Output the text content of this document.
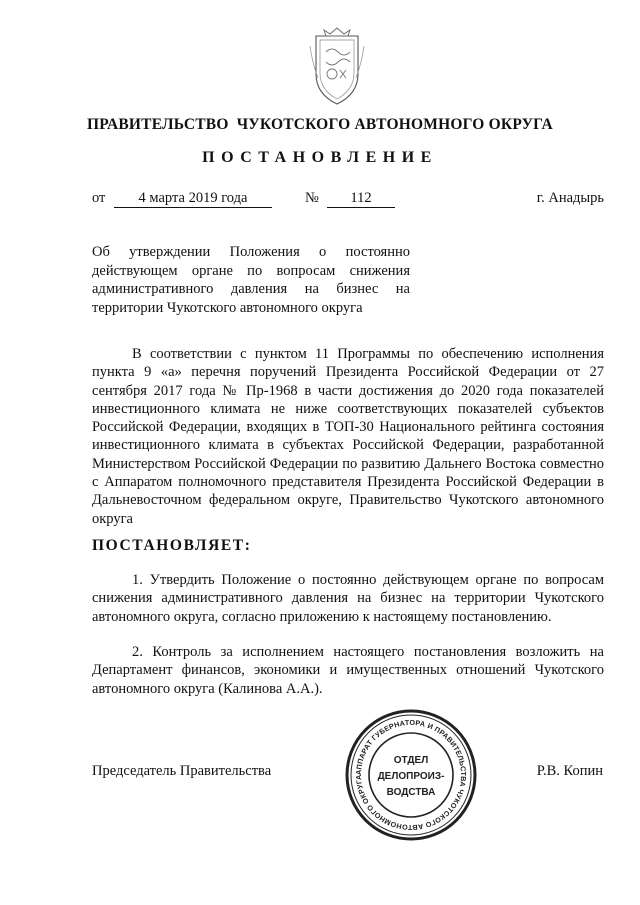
ПРАВИТЕЛЬСТВО  ЧУКОТСКОГО АВТОНОМНОГО ОКРУГА
ПОСТАНОВЛЕНИЕ
от	4 марта 2019 года	№	112	г. Анадырь
Об утверждении Положения о постоянно действующем органе по вопросам снижения административного давления на бизнес на территории Чукотского автономного округа

В соответствии с пунктом 11 Программы по обеспечению исполнения пункта 9 «а» перечня поручений Президента Российской Федерации от 27 сентября 2017 года № Пр-1968 в части достижения до 2020 года показателей инвестиционного климата не ниже соответствующих показателей субъектов Российской Федерации, входящих в ТОП-30 Национального рейтинга состояния инвестиционного климата в субъектах Российской Федерации, разработанной Министерством Российской Федерации по развитию Дальнего Востока совместно с Аппаратом полномочного представителя Президента Российской Федерации в Дальневосточном федеральном округе, Правительство Чукотского автономного округа

ПОСТАНОВЛЯЕТ:

1. Утвердить Положение о постоянно действующем органе по вопросам снижения административного давления на бизнес на территории Чукотского автономного округа, согласно приложению к настоящему постановлению.

2. Контроль за исполнением настоящего постановления возложить на Департамент финансов, экономики и имущественных отношений Чукотского автономного округа (Калинова А.А.).

Председатель Правительства	Р.В. Копин
АППАРАТ ГУБЕРНАТОРА И ПРАВИТЕЛЬСТВА ЧУКОТСКОГО АВТОНОМНОГО ОКРУГА
ОТДЕЛ
ДЕЛОПРОИЗ-
ВОДСТВА
